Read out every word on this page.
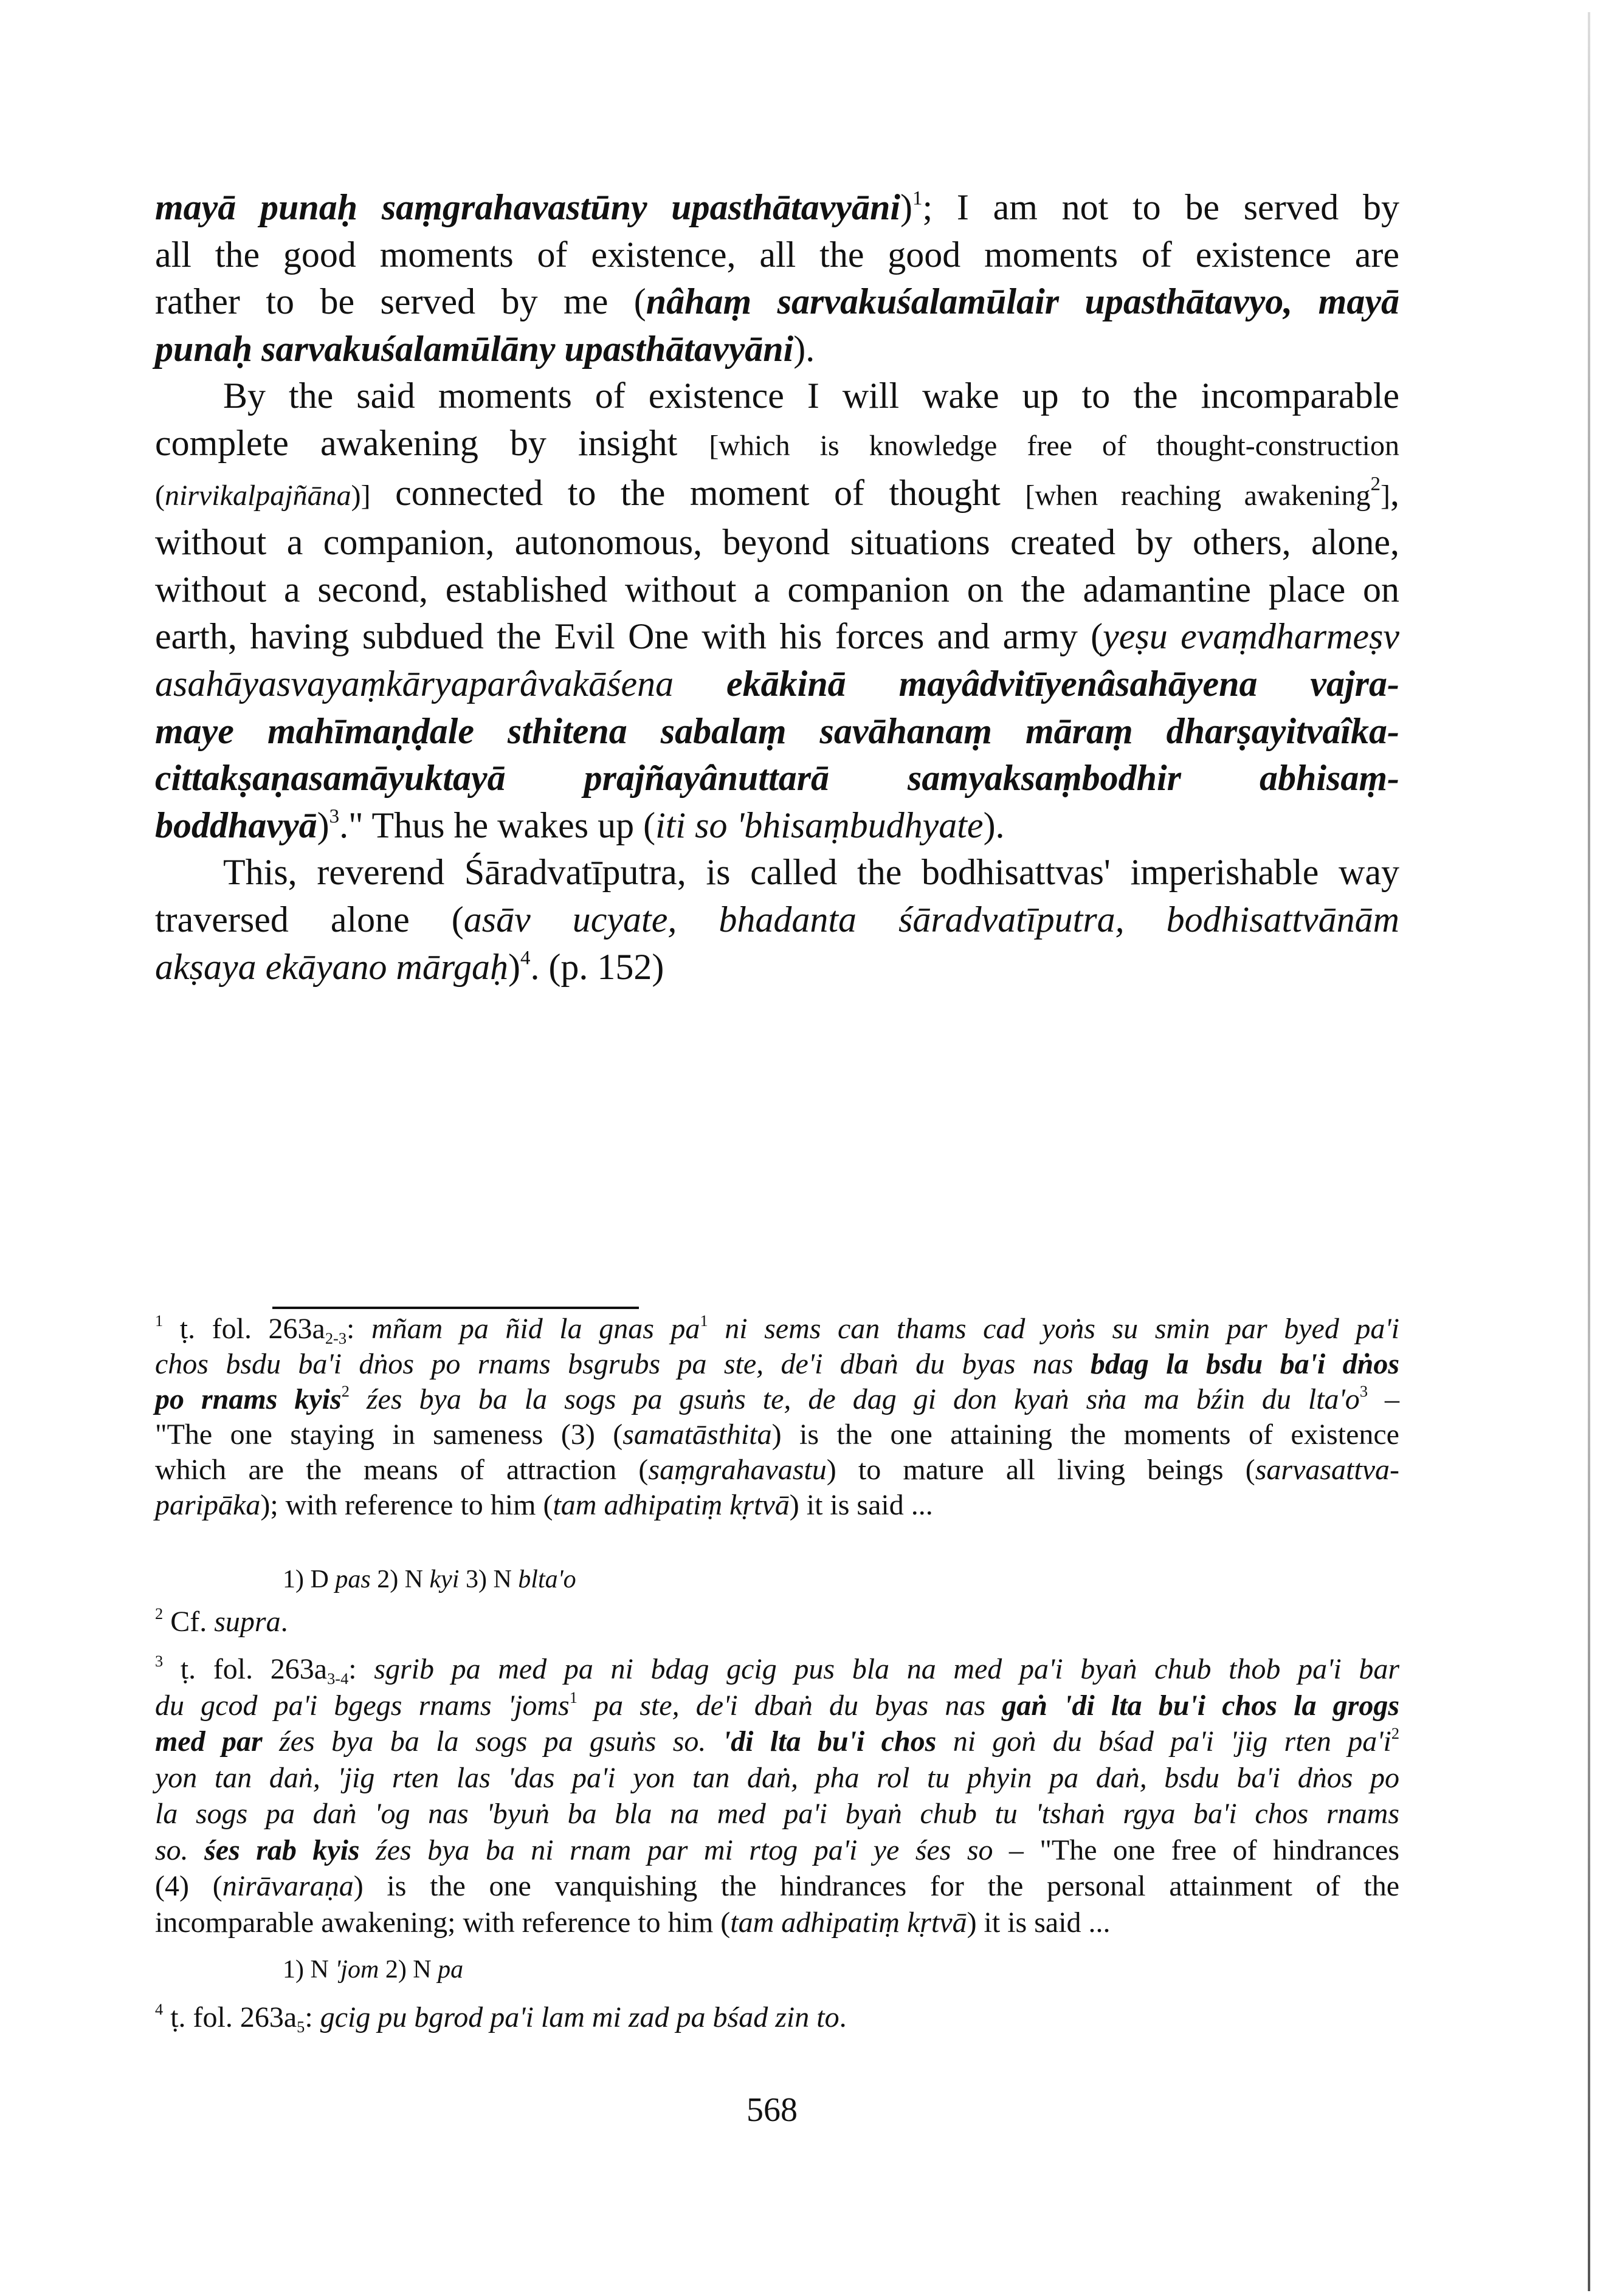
mayā punaḥ saṃgrahavastūny upasthātavyāni)$^1$; I am not to be served by
all the good moments of existence, all the good moments of existence are
rather to be served by me (nâhaṃ sarvakuśalamūlair upasthātavyo, mayā
punaḥ sarvakuśalamūlāny upasthātavyāni).
By the said moments of existence I will wake up to the incomparable
complete awakening by insight [which is knowledge free of thought-construction
(nirvikalpajñāna)] connected to the moment of thought [when reaching awakening$^2$],
without a companion, autonomous, beyond situations created by others, alone,
without a second, established without a companion on the adamantine place on
earth, having subdued the Evil One with his forces and army (yeṣu evaṃdharmeṣv
asahāyasvayaṃkāryaparâvakāśena ekākinā mayâdvitīyenâsahāyena vajra-
maye mahīmaṇḍale sthitena sabalaṃ savāhanaṃ māraṃ dharṣayitvaîka-
cittakṣaṇasamāyuktayā prajñayânuttarā samyaksaṃbodhir abhisaṃ-
boddhavyā)$^3$." Thus he wakes up (iti so 'bhisaṃbudhyate).
This, reverend Śāradvatīputra, is called the bodhisattvas' imperishable way
traversed alone (asāv ucyate, bhadanta śāradvatīputra, bodhisattvānām
akṣaya ekāyano mārgaḥ)$^4$. (p. 152)
$^1$ ṭ. fol. $263a_{2-3}$: mñam pa ñid la gnas $pa^1$ ni sems can thams cad yoṅs su smin par byed pa'i
chos bsdu ba'i dṅos po rnams bsgrubs pa ste, de'i dbaṅ du byas nas bdag la bsdu ba'i dṅos
po rnams kyis$^2$ źes bya ba la sogs pa gsuṅs te, de dag gi don kyaṅ sṅa ma bźin du $lta'o^3$ –
"The one staying in sameness (3) (samatāsthita) is the one attaining the moments of existence
which are the means of attraction (saṃgrahavastu) to mature all living beings (sarvasattva-
paripāka); with reference to him (tam adhipatiṃ kṛtvā) it is said ...
1) D pas 2) N kyi 3) N blta'o
$^2$ Cf. supra.
$^3$ ṭ. fol. $263a_{3-4}$: sgrib pa med pa ni bdag gcig pus bla na med pa'i byaṅ chub thob pa'i bar
du gcod pa'i bgegs rnams 'joms$^1$ pa ste, de'i dbaṅ du byas nas gaṅ 'di lta bu'i chos la grogs
med par źes bya ba la sogs pa gsuṅs so. 'di lta bu'i chos ni goṅ du bśad pa'i 'jig rten $pa'i^2$
yon tan daṅ, 'jig rten las 'das pa'i yon tan daṅ, pha rol tu phyin pa daṅ, bsdu ba'i dṅos po
la sogs pa daṅ 'og nas 'byuṅ ba bla na med pa'i byaṅ chub tu 'tshaṅ rgya ba'i chos rnams
so. śes rab kyis źes bya ba ni rnam par mi rtog pa'i ye śes so – "The one free of hindrances
(4) (nirāvaraṇa) is the one vanquishing the hindrances for the personal attainment of the
incomparable awakening; with reference to him (tam adhipatiṃ kṛtvā) it is said ...
1) N 'jom 2) N pa
$^4$ ṭ. fol. $263a_5$: gcig pu bgrod pa'i lam mi zad pa bśad zin to.
568
